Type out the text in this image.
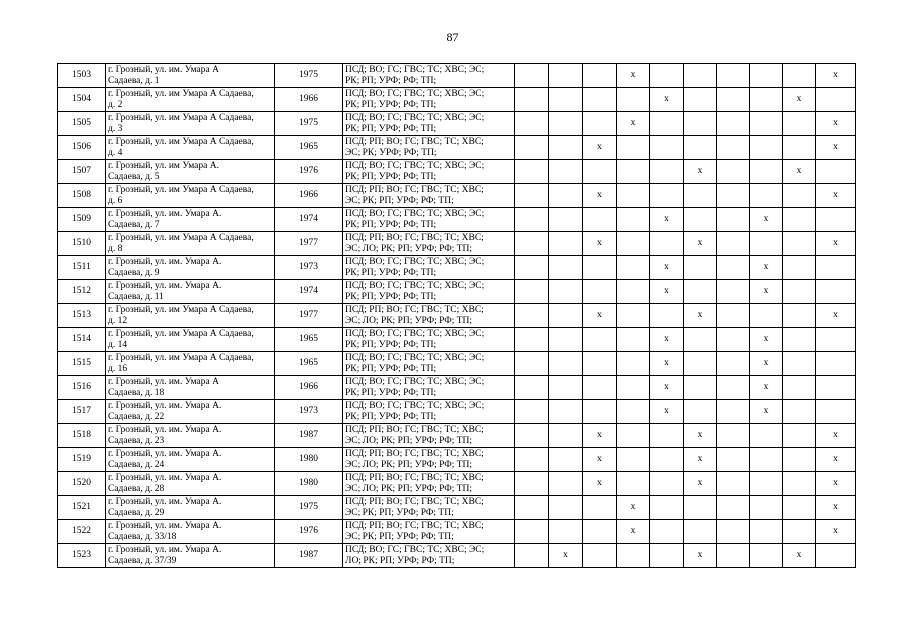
87
1503	г. Грозный, ул. им. Умара А
Садаева, д. 1	1975	ПСД; ВО; ГС; ГВС; ТС; ХВС; ЭС;
РК; РП; УРФ; РФ; ТП;				х						х
1504	г. Грозный, ул. им Умара А Садаева,
д. 2	1966	ПСД; ВО; ГС; ГВС; ТС; ХВС; ЭС;
РК; РП; УРФ; РФ; ТП;					х				х	
1505	г. Грозный, ул. им Умара А Садаева,
д. 3	1975	ПСД; ВО; ГС; ГВС; ТС; ХВС; ЭС;
РК; РП; УРФ; РФ; ТП;				х						х
1506	г. Грозный, ул. им Умара А Садаева,
д. 4	1965	ПСД; РП; ВО; ГС; ГВС; ТС; ХВС;
ЭС; РК; УРФ; РФ; ТП;			х							х
1507	г. Грозный, ул. им Умара А.
Садаева, д. 5	1976	ПСД; ВО; ГС; ГВС; ТС; ХВС; ЭС;
РК; РП; УРФ; РФ; ТП;						х			х	
1508	г. Грозный, ул. им Умара А Садаева,
д. 6	1966	ПСД; РП; ВО; ГС; ГВС; ТС; ХВС;
ЭС; РК; РП; УРФ; РФ; ТП;			х							х
1509	г. Грозный, ул. им. Умара А.
Садаева, д. 7	1974	ПСД; ВО; ГС; ГВС; ТС; ХВС; ЭС;
РК; РП; УРФ; РФ; ТП;					х			х		
1510	г. Грозный, ул. им Умара А Садаева,
д. 8	1977	ПСД; РП; ВО; ГС; ГВС; ТС; ХВС;
ЭС; ЛО; РК; РП; УРФ; РФ; ТП;			х			х				х
1511	г. Грозный, ул. им. Умара А.
Садаева, д. 9	1973	ПСД; ВО; ГС; ГВС; ТС; ХВС; ЭС;
РК; РП; УРФ; РФ; ТП;					х			х		
1512	г. Грозный, ул. им. Умара А.
Садаева, д. 11	1974	ПСД; ВО; ГС; ГВС; ТС; ХВС; ЭС;
РК; РП; УРФ; РФ; ТП;					х			х		
1513	г. Грозный, ул. им Умара А Садаева,
д. 12	1977	ПСД; РП; ВО; ГС; ГВС; ТС; ХВС;
ЭС; ЛО; РК; РП; УРФ; РФ; ТП;			х			х				х
1514	г. Грозный, ул. им Умара А Садаева,
д. 14	1965	ПСД; ВО; ГС; ГВС; ТС; ХВС; ЭС;
РК; РП; УРФ; РФ; ТП;					х			х		
1515	г. Грозный, ул. им Умара А Садаева,
д. 16	1965	ПСД; ВО; ГС; ГВС; ТС; ХВС; ЭС;
РК; РП; УРФ; РФ; ТП;					х			х		
1516	г. Грозный, ул. им. Умара А
Садаева, д. 18	1966	ПСД; ВО; ГС; ГВС; ТС; ХВС; ЭС;
РК; РП; УРФ; РФ; ТП;					х			х		
1517	г. Грозный, ул. им. Умара А.
Садаева, д. 22	1973	ПСД; ВО; ГС; ГВС; ТС; ХВС; ЭС;
РК; РП; УРФ; РФ; ТП;					х			х		
1518	г. Грозный, ул. им. Умара А.
Садаева, д. 23	1987	ПСД; РП; ВО; ГС; ГВС; ТС; ХВС;
ЭС; ЛО; РК; РП; УРФ; РФ; ТП;			х			х				х
1519	г. Грозный, ул. им. Умара А.
Садаева, д. 24	1980	ПСД; РП; ВО; ГС; ГВС; ТС; ХВС;
ЭС; ЛО; РК; РП; УРФ; РФ; ТП;			х			х				х
1520	г. Грозный, ул. им. Умара А.
Садаева, д. 28	1980	ПСД; РП; ВО; ГС; ГВС; ТС; ХВС;
ЭС; ЛО; РК; РП; УРФ; РФ; ТП;			х			х				х
1521	г. Грозный, ул. им. Умара А.
Садаева, д. 29	1975	ПСД; РП; ВО; ГС; ГВС; ТС; ХВС;
ЭС; РК; РП; УРФ; РФ; ТП;				х						х
1522	г. Грозный, ул. им. Умара А.
Садаева, д. 33/18	1976	ПСД; РП; ВО; ГС; ГВС; ТС; ХВС;
ЭС; РК; РП; УРФ; РФ; ТП;				х						х
1523	г. Грозный, ул. им. Умара А.
Садаева, д. 37/39	1987	ПСД; ВО; ГС; ГВС; ТС; ХВС; ЭС;
ЛО; РК; РП; УРФ; РФ; ТП;		х				х			х	
